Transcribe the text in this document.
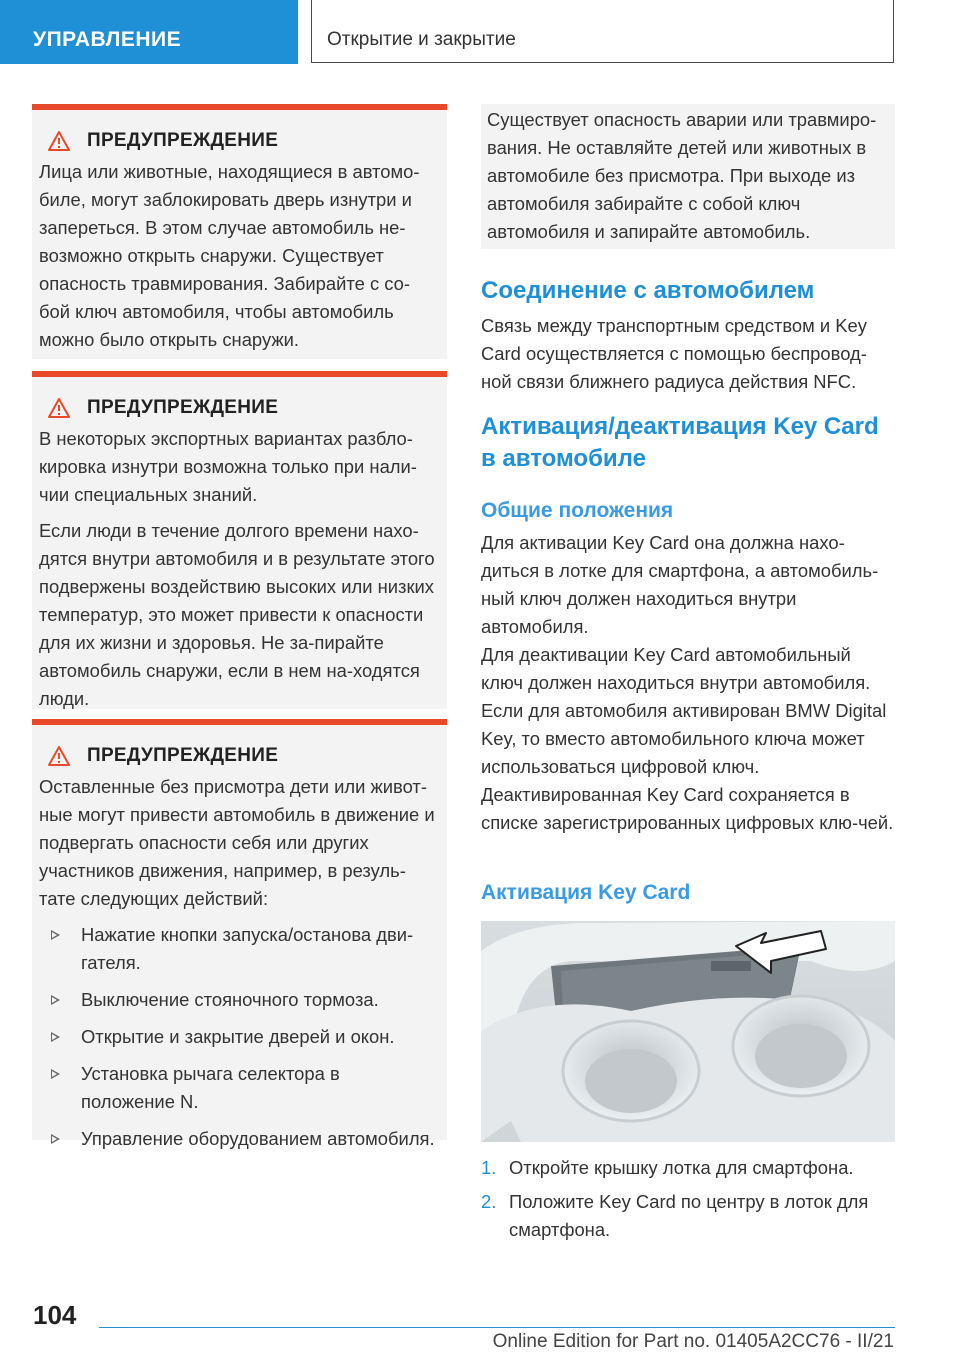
УПРАВЛЕНИЕ	Открытие и закрытие
ПРЕДУПРЕЖДЕНИЕ

Лица или животные, находящиеся в автомо-биле, могут заблокировать дверь изнутри и запереться. В этом случае автомобиль не-возможно открыть снаружи. Существует опасность травмирования. Забирайте с со-бой ключ автомобиля, чтобы автомобиль можно было открыть снаружи.

ПРЕДУПРЕЖДЕНИЕ

В некоторых экспортных вариантах разбло-кировка изнутри возможна только при нали-чии специальных знаний.

Если люди в течение долгого времени нахо-дятся внутри автомобиля и в результате этого подвержены воздействию высоких или низких температур, это может привести к опасности для их жизни и здоровья. Не за-пирайте автомобиль снаружи, если в нем на-ходятся люди.

ПРЕДУПРЕЖДЕНИЕ

Оставленные без присмотра дети или живот-ные могут привести автомобиль в движение и подвергать опасности себя или других участников движения, например, в резуль-тате следующих действий:

Нажатие кнопки запуска/останова дви-гателя.
Выключение стояночного тормоза.
Открытие и закрытие дверей и окон.
Установка рычага селектора в положение N.
Управление оборудованием автомобиля.

Существует опасность аварии или травмиро-вания. Не оставляйте детей или животных в автомобиле без присмотра. При выходе из автомобиля забирайте с собой ключ автомобиля и запирайте автомобиль.

Соединение с автомобилем

Связь между транспортным средством и Key Card осуществляется с помощью беспровод-ной связи ближнего радиуса действия NFC.

Активация/деактивация Key Card в автомобиле
Общие положения

Для активации Key Card она должна нахо-диться в лотке для смартфона, а автомобиль-ный ключ должен находиться внутри автомобиля.

Для деактивации Key Card автомобильный ключ должен находиться внутри автомобиля.

Если для автомобиля активирован BMW Digital Key, то вместо автомобильного ключа может использоваться цифровой ключ.

Деактивированная Key Card сохраняется в списке зарегистрированных цифровых клю-чей.

Активация Key Card
1. Откройте крышку лотка для смартфона.
2. Положите Key Card по центру в лоток для смартфона.
104
Online Edition for Part no. 01405A2CC76 - II/21
